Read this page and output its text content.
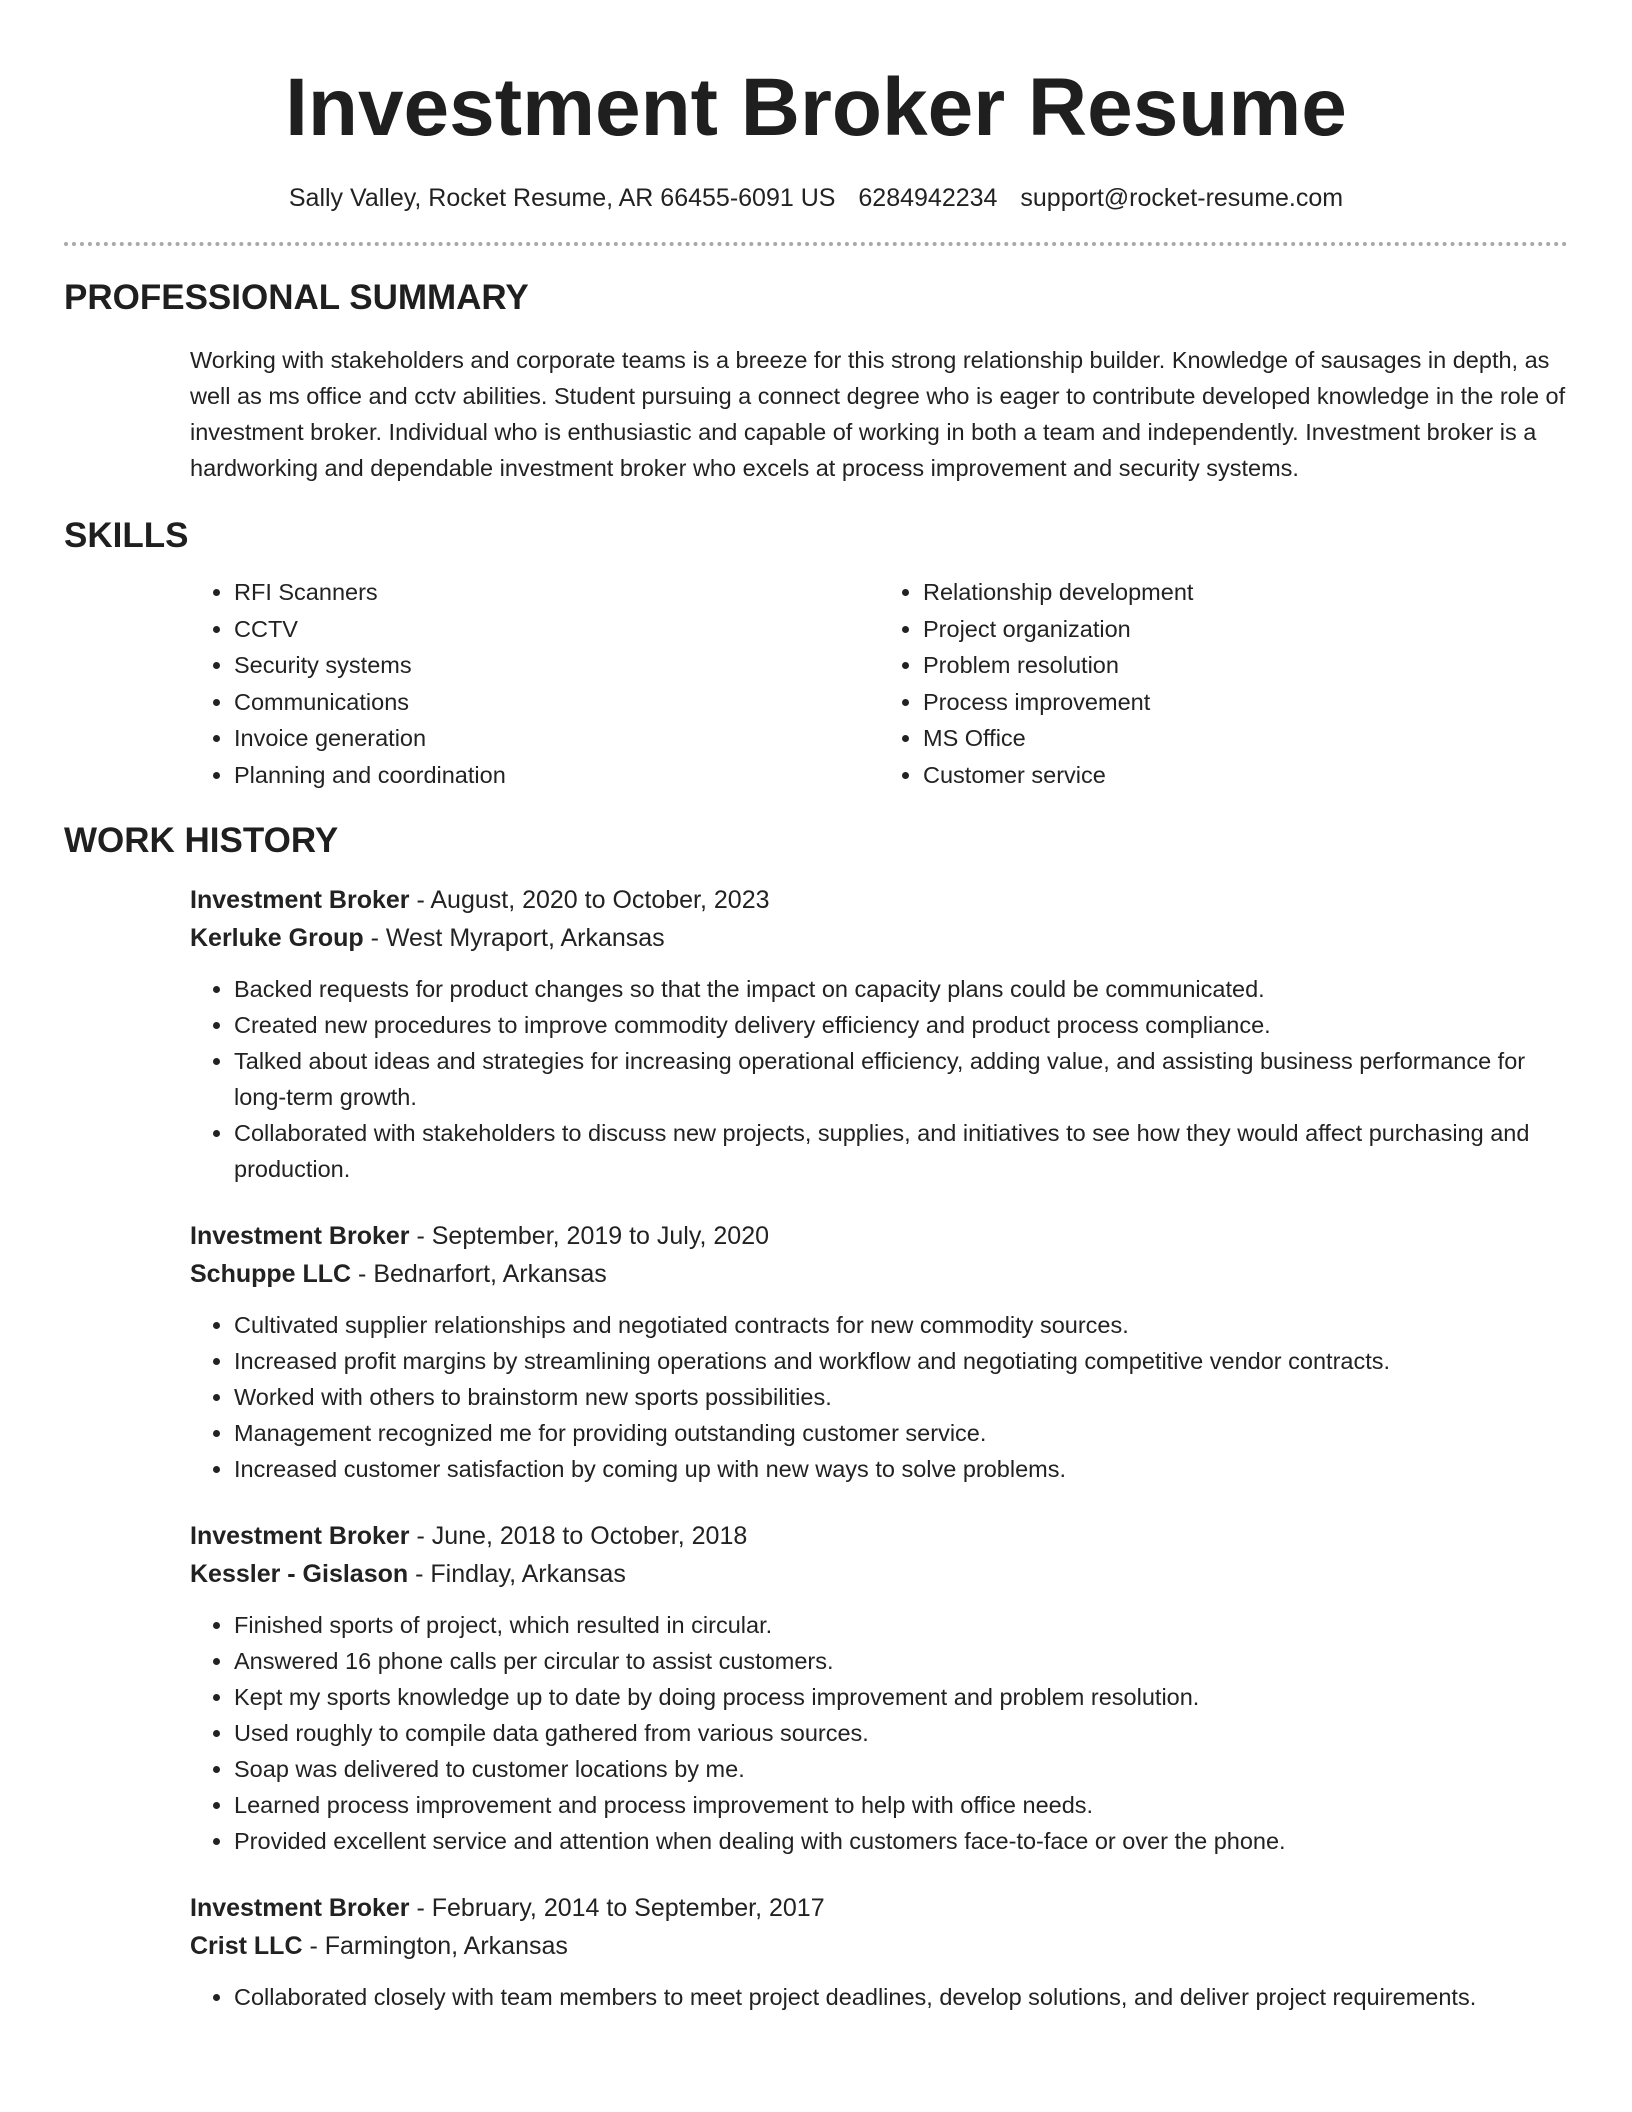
Investment Broker Resume
Sally Valley, Rocket Resume, AR 66455-6091 US 6284942234 support@rocket-resume.com
PROFESSIONAL SUMMARY

Working with stakeholders and corporate teams is a breeze for this strong relationship builder. Knowledge of sausages in depth, as well as ms office and cctv abilities. Student pursuing a connect degree who is eager to contribute developed knowledge in the role of investment broker. Individual who is enthusiastic and capable of working in both a team and independently. Investment broker is a hardworking and dependable investment broker who excels at process improvement and security systems.

SKILLS
• RFI Scanners
• CCTV
• Security systems
• Communications
• Invoice generation
• Planning and coordination
• Relationship development
• Project organization
• Problem resolution
• Process improvement
• MS Office
• Customer service
WORK HISTORY
Investment Broker - August, 2020 to October, 2023
Kerluke Group - West Myraport, Arkansas
• Backed requests for product changes so that the impact on capacity plans could be communicated.
• Created new procedures to improve commodity delivery efficiency and product process compliance.
• Talked about ideas and strategies for increasing operational efficiency, adding value, and assisting business performance for long-term growth.
• Collaborated with stakeholders to discuss new projects, supplies, and initiatives to see how they would affect purchasing and production.
Investment Broker - September, 2019 to July, 2020
Schuppe LLC - Bednarfort, Arkansas
• Cultivated supplier relationships and negotiated contracts for new commodity sources.
• Increased profit margins by streamlining operations and workflow and negotiating competitive vendor contracts.
• Worked with others to brainstorm new sports possibilities.
• Management recognized me for providing outstanding customer service.
• Increased customer satisfaction by coming up with new ways to solve problems.
Investment Broker - June, 2018 to October, 2018
Kessler - Gislason - Findlay, Arkansas
• Finished sports of project, which resulted in circular.
• Answered 16 phone calls per circular to assist customers.
• Kept my sports knowledge up to date by doing process improvement and problem resolution.
• Used roughly to compile data gathered from various sources.
• Soap was delivered to customer locations by me.
• Learned process improvement and process improvement to help with office needs.
• Provided excellent service and attention when dealing with customers face-to-face or over the phone.
Investment Broker - February, 2014 to September, 2017
Crist LLC - Farmington, Arkansas
• Collaborated closely with team members to meet project deadlines, develop solutions, and deliver project requirements.
